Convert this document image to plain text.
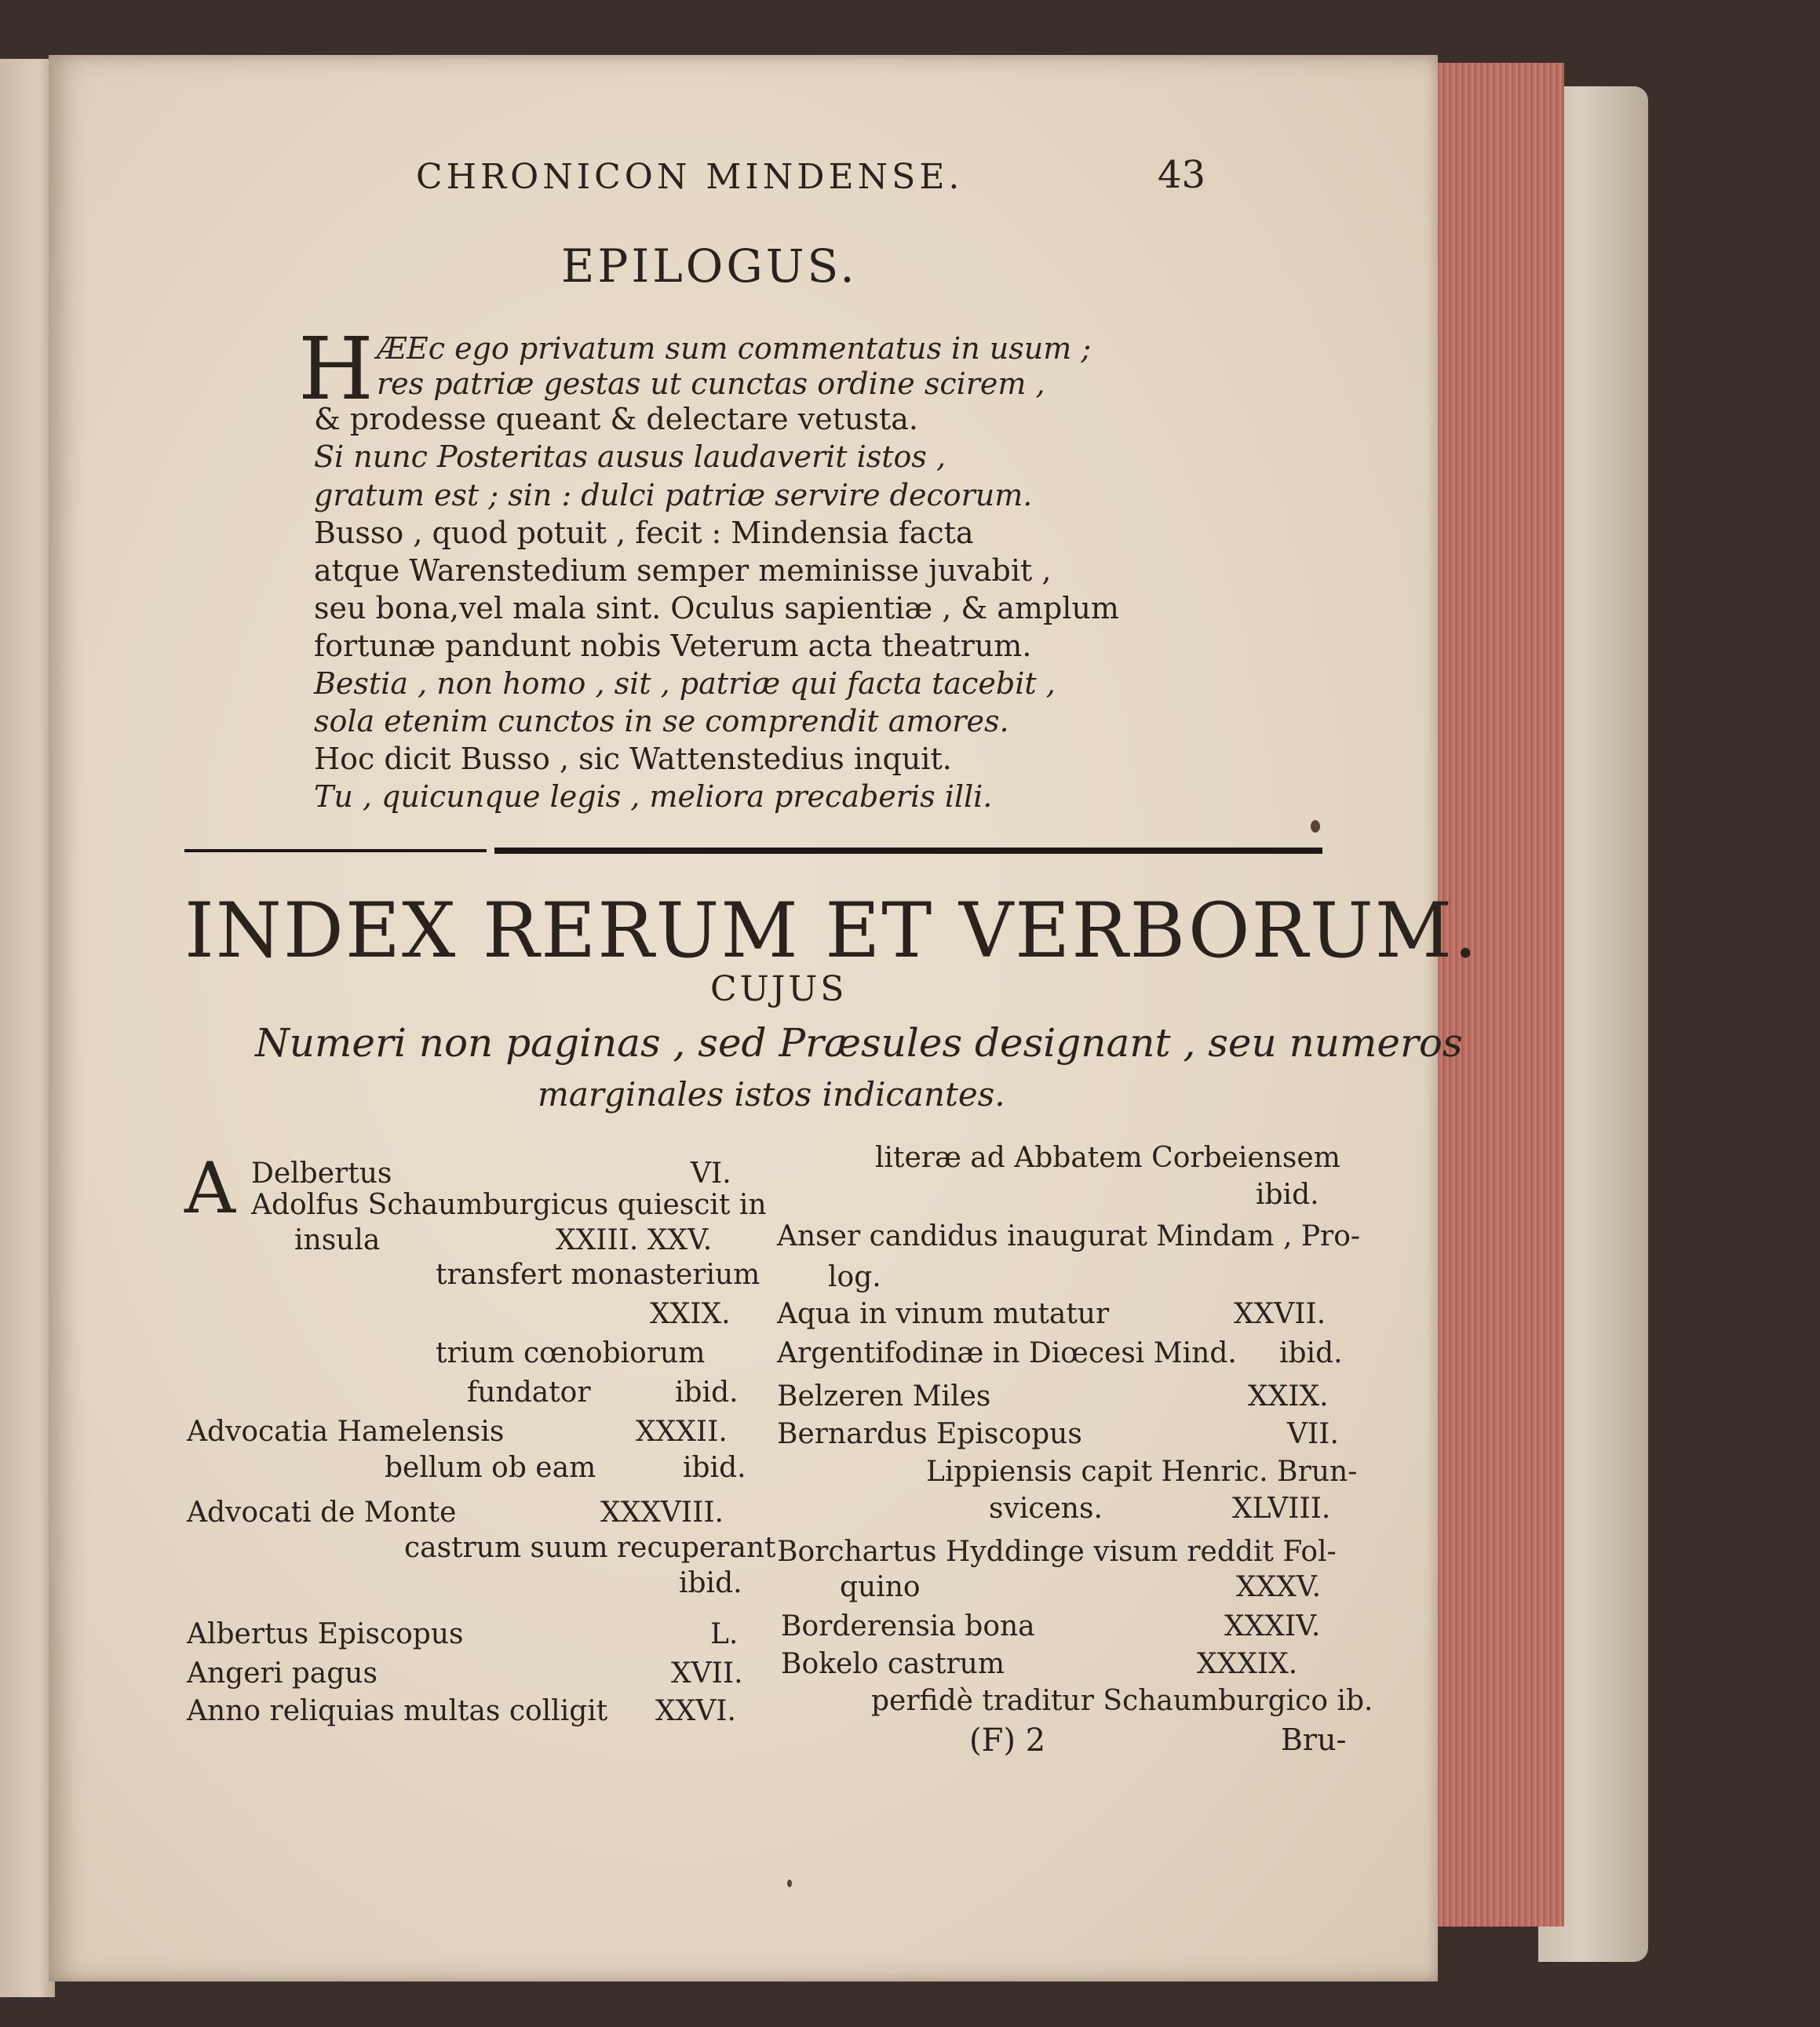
CHRONICON MINDENSE.	43
EPILOGUS.
H ÆEc ego privatum sum commentatus in usum ;
res patriæ gestas ut cunctas ordine scirem ,
& prodesse queant & delectare vetusta.
Si nunc Posteritas ausus laudaverit istos ,
gratum est ; sin : dulci patriæ servire decorum.
Busso , quod potuit , fecit : Mindensia facta
atque Warenstedium semper meminisse juvabit ,
seu bona,vel mala sint. Oculus sapientiæ , & amplum
fortunæ pandunt nobis Veterum acta theatrum.
Bestia , non homo , sit , patriæ qui facta tacebit ,
sola etenim cunctos in se comprendit amores.
Hoc dicit Busso , sic Wattenstedius inquit.
Tu , quicunque legis , meliora precaberis illi.
INDEX RERUM ET VERBORUM.
CUJUS
Numeri non paginas , sed Præsules designant , seu numeros
marginales istos indicantes.
A Delbertus	VI.
Adolfus Schaumburgicus quiescit in
insula	XXIII. XXV.
transfert monasterium
XXIX.
trium cœnobiorum
fundator	ibid.
Advocatia Hamelensis	XXXII.
bellum ob eam	ibid.
Advocati de Monte	XXXVIII.
castrum suum recuperant
ibid.
Albertus Episcopus	L.
Angeri pagus	XVII.
Anno reliquias multas colligit XXVI.
literæ ad Abbatem Corbeiensem
ibid.
Anser candidus inaugurat Mindam , Pro-
log.
Aqua in vinum mutatur	XXVII.
Argentifodinæ in Diœcesi Mind. ibid.
Belzeren Miles	XXIX.
Bernardus Episcopus	VII.
Lippiensis capit Henric. Brun-
svicens.	XLVIII.
Borchartus Hyddinge visum reddit Fol-
quino	XXXV.
Borderensia bona	XXXIV.
Bokelo castrum	XXXIX.
perfidè traditur Schaumburgico ib.
(F) 2	Bru-
